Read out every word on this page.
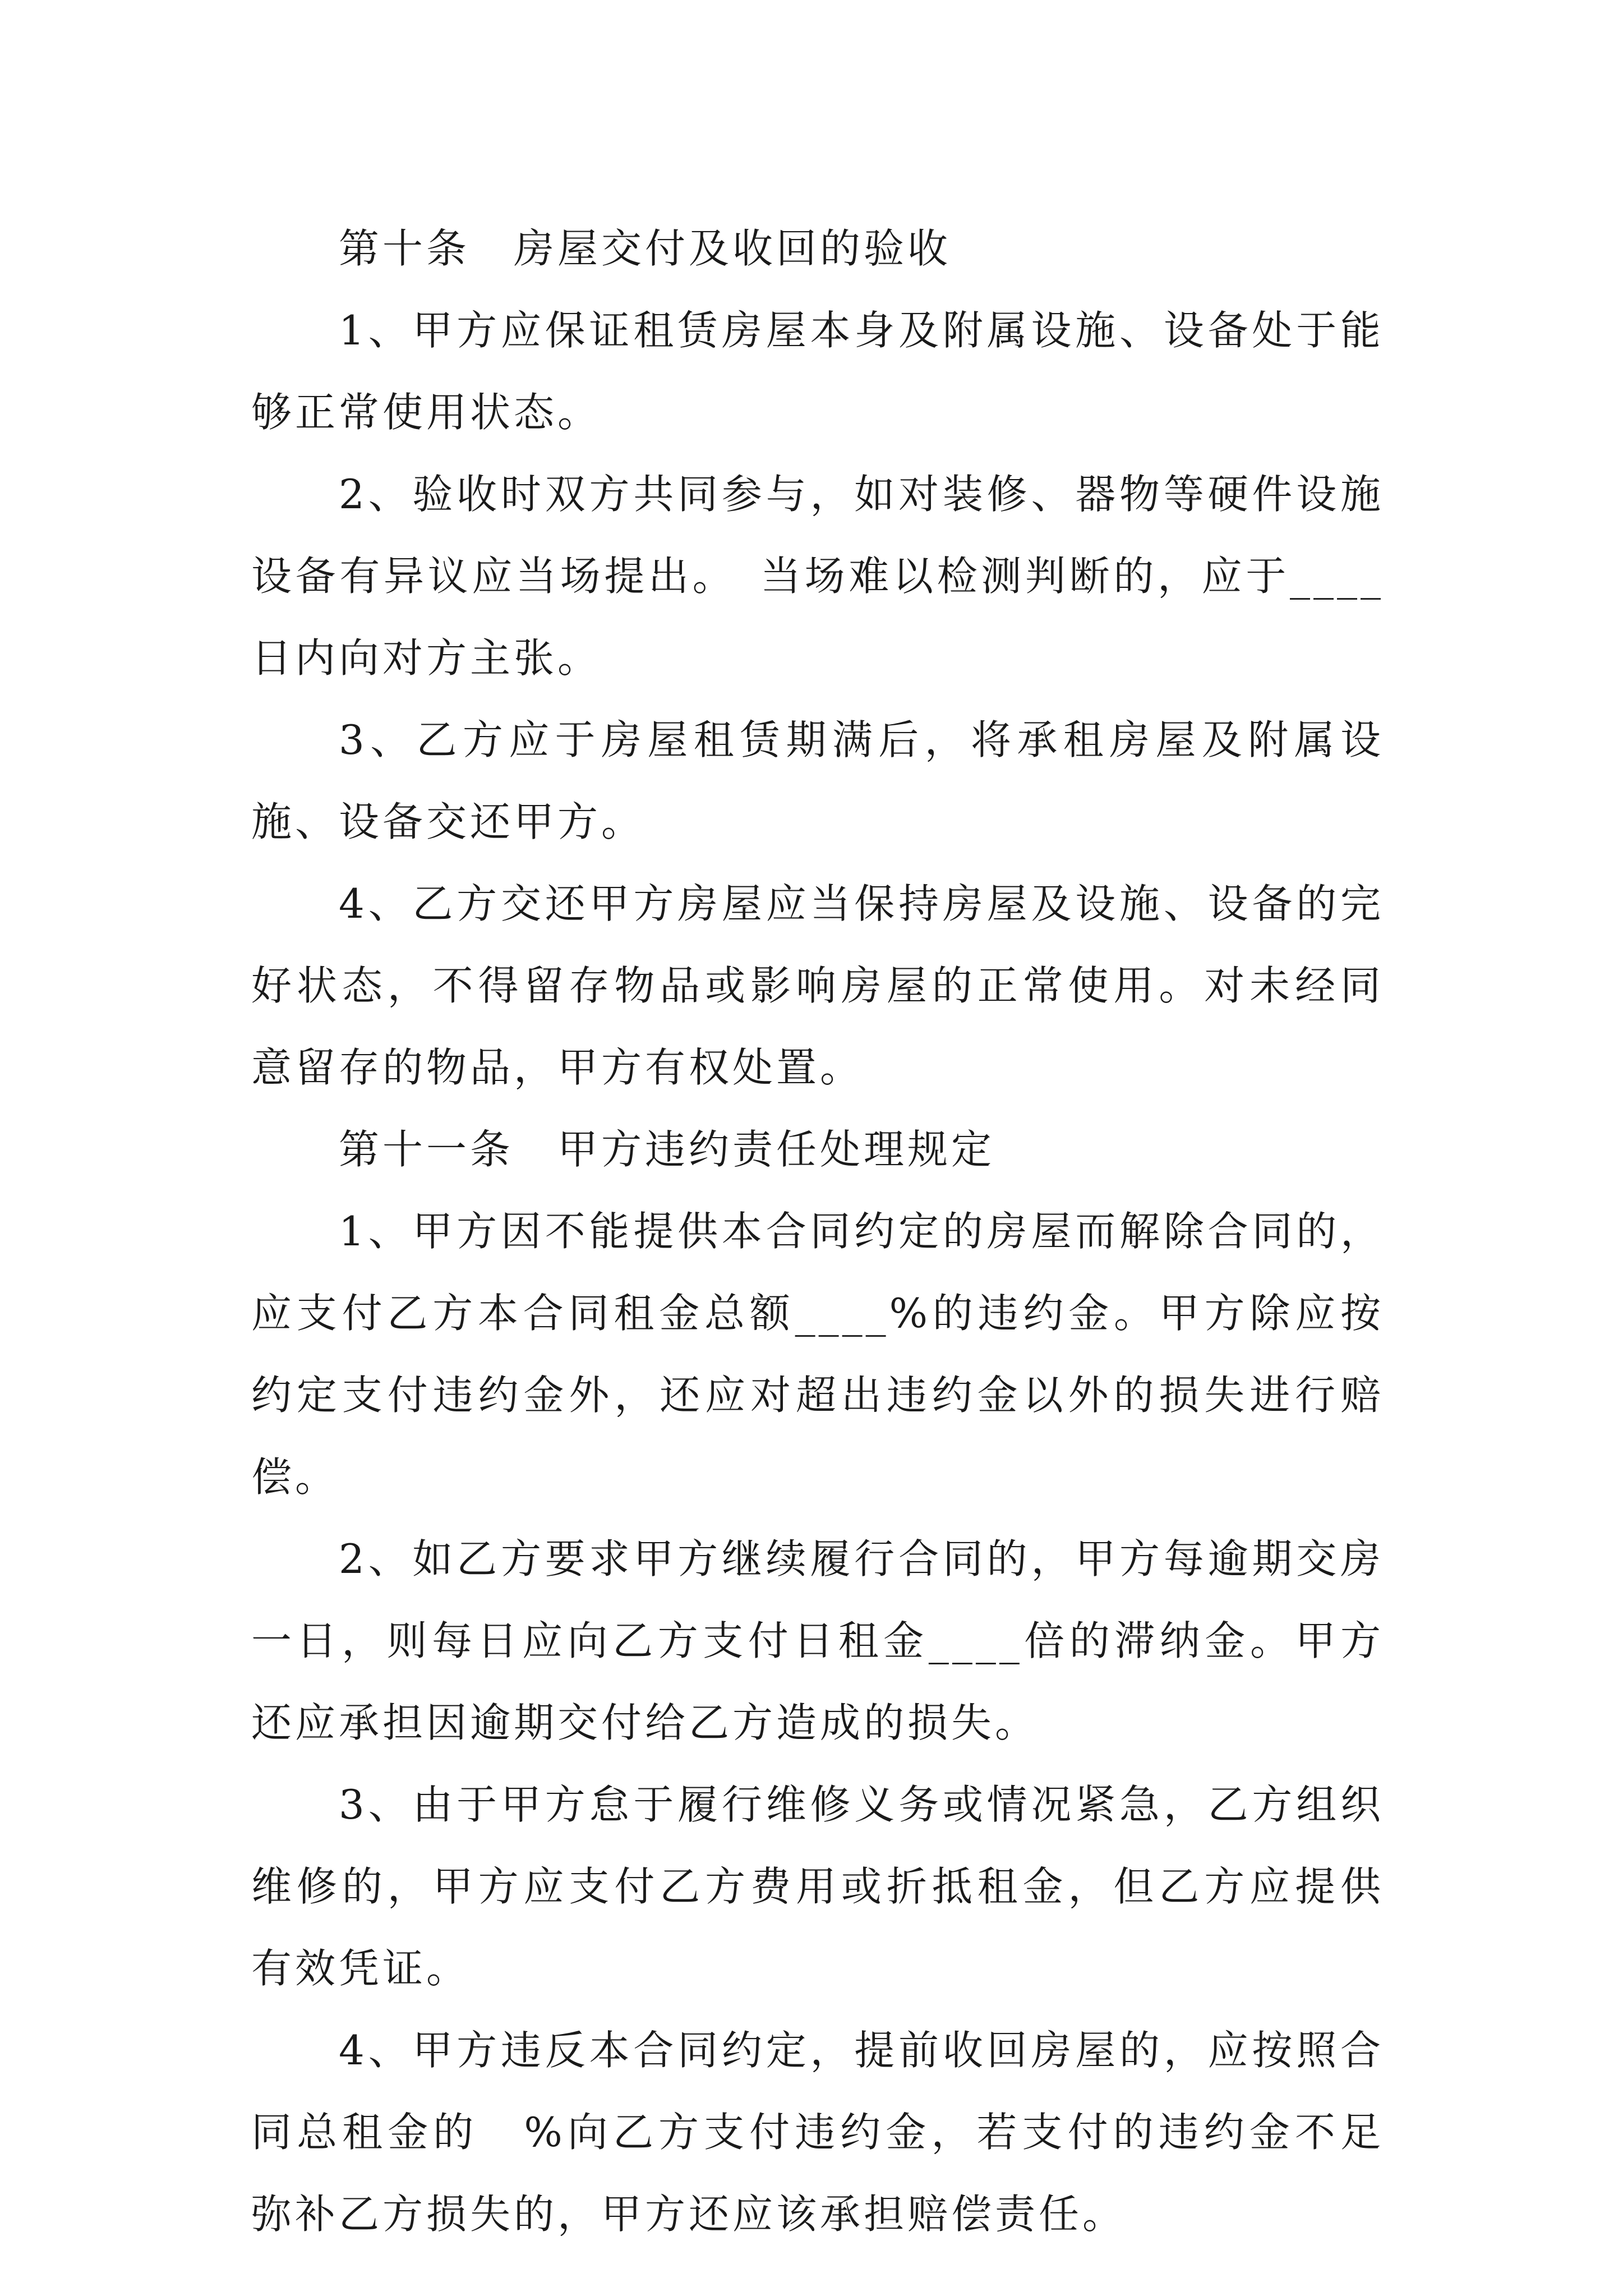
第十条　房屋交付及收回的验收

1、甲方应保证租赁房屋本身及附属设施、设备处于能够正常使用状态。

2、验收时双方共同参与，如对装修、器物等硬件设施设备有异议应当场提出。　当场难以检测判断的，应于____日内向对方主张。

3、乙方应于房屋租赁期满后，将承租房屋及附属设施、设备交还甲方。

4、乙方交还甲方房屋应当保持房屋及设施、设备的完好状态，不得留存物品或影响房屋的正常使用。对未经同意留存的物品，甲方有权处置。

第十一条　甲方违约责任处理规定

1、甲方因不能提供本合同约定的房屋而解除合同的，应支付乙方本合同租金总额____%的违约金。甲方除应按约定支付违约金外，还应对超出违约金以外的损失进行赔偿。

2、如乙方要求甲方继续履行合同的，甲方每逾期交房一日，则每日应向乙方支付日租金____倍的滞纳金。甲方还应承担因逾期交付给乙方造成的损失。

3、由于甲方怠于履行维修义务或情况紧急，乙方组织维修的，甲方应支付乙方费用或折抵租金，但乙方应提供有效凭证。

4、甲方违反本合同约定，提前收回房屋的，应按照合同总租金的　%向乙方支付违约金，若支付的违约金不足弥补乙方损失的，甲方还应该承担赔偿责任。
